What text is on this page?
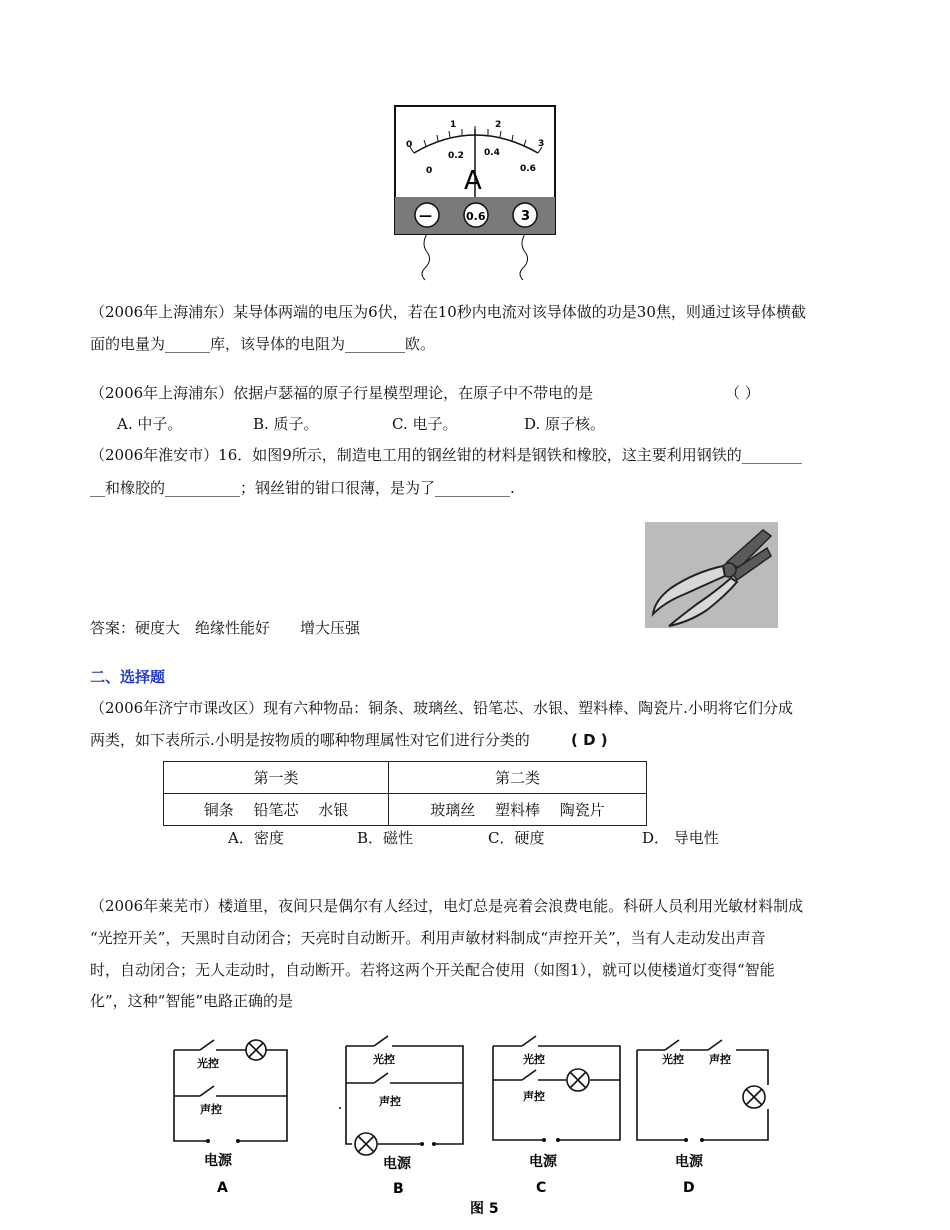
0
1	2
3
0
0.2 0.4
0.6
A
—	0.6	3
（2006年上海浦东）某导体两端的电压为6伏，若在10秒内电流对该导体做的功是30焦，则通过该导体横截
面的电量为______库，该导体的电阻为________欧。
（2006年上海浦东）依据卢瑟福的原子行星模型理论，在原子中不带电的是	（ ）
A. 中子。	B. 质子。	C. 电子。	D. 原子核。
（2006年淮安市）16．如图9所示，制造电工用的钢丝钳的材料是钢铁和橡胶，这主要利用钢铁的________
__和橡胶的__________；钢丝钳的钳口很薄，是为了__________.
答案：硬度大　绝缘性能好　　增大压强
二、选择题
（2006年济宁市课改区）现有六种物品：铜条、玻璃丝、铅笔芯、水银、塑料棒、陶瓷片.小明将它们分成
两类，如下表所示.小明是按物质的哪种物理属性对它们进行分类的	( D )
第一类	第二类
铜条　 铅笔芯　 水银	玻璃丝　 塑料棒　 陶瓷片
A．密度	B．磁性	C．硬度	D． 导电性
（2006年莱芜市）楼道里，夜间只是偶尔有人经过，电灯总是亮着会浪费电能。科研人员利用光敏材料制成
“光控开关”，天黑时自动闭合；天亮时自动断开。利用声敏材料制成“声控开关”，当有人走动发出声音
时，自动闭合；无人走动时，自动断开。若将这两个开关配合使用（如图1），就可以使楼道灯变得“智能
化”，这种“智能”电路正确的是
光控
声控
光控
声控
光控
声控
光控 声控
电源	电源	电源	电源
A	B	C	D
图 5
